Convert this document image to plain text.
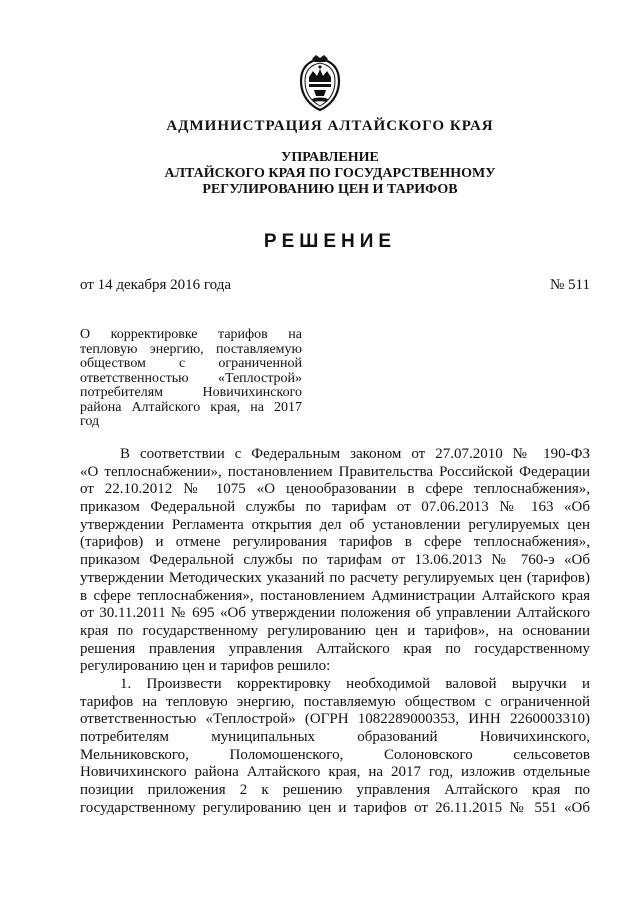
АДМИНИСТРАЦИЯ АЛТАЙСКОГО КРАЯ
УПРАВЛЕНИЕ
АЛТАЙСКОГО КРАЯ ПО ГОСУДАРСТВЕННОМУ
РЕГУЛИРОВАНИЮ ЦЕН И ТАРИФОВ
РЕШЕНИЕ
от 14 декабря 2016 года	№ 511
О корректировке тарифов на
тепловую энергию, поставляемую
обществом с ограниченной
ответственностью «Теплострой»
потребителям Новичихинского
района Алтайского края, на 2017
год
В соответствии с Федеральным законом от 27.07.2010 № 190-ФЗ
«О теплоснабжении», постановлением Правительства Российской Федерации
от 22.10.2012 № 1075 «О ценообразовании в сфере теплоснабжения»,
приказом Федеральной службы по тарифам от 07.06.2013 № 163 «Об
утверждении Регламента открытия дел об установлении регулируемых цен
(тарифов) и отмене регулирования тарифов в сфере теплоснабжения»,
приказом Федеральной службы по тарифам от 13.06.2013 № 760-э «Об
утверждении Методических указаний по расчету регулируемых цен (тарифов)
в сфере теплоснабжения», постановлением Администрации Алтайского края
от 30.11.2011 № 695 «Об утверждении положения об управлении Алтайского
края по государственному регулированию цен и тарифов», на основании
решения правления управления Алтайского края по государственному
регулированию цен и тарифов решило:
1. Произвести корректировку необходимой валовой выручки и
тарифов на тепловую энергию, поставляемую обществом с ограниченной
ответственностью «Теплострой» (ОГРН 1082289000353, ИНН 2260003310)
потребителям муниципальных образований Новичихинского,
Мельниковского, Поломошенского, Солоновского сельсоветов
Новичихинского района Алтайского края, на 2017 год, изложив отдельные
позиции приложения 2 к решению управления Алтайского края по
государственному регулированию цен и тарифов от 26.11.2015 № 551 «Об
